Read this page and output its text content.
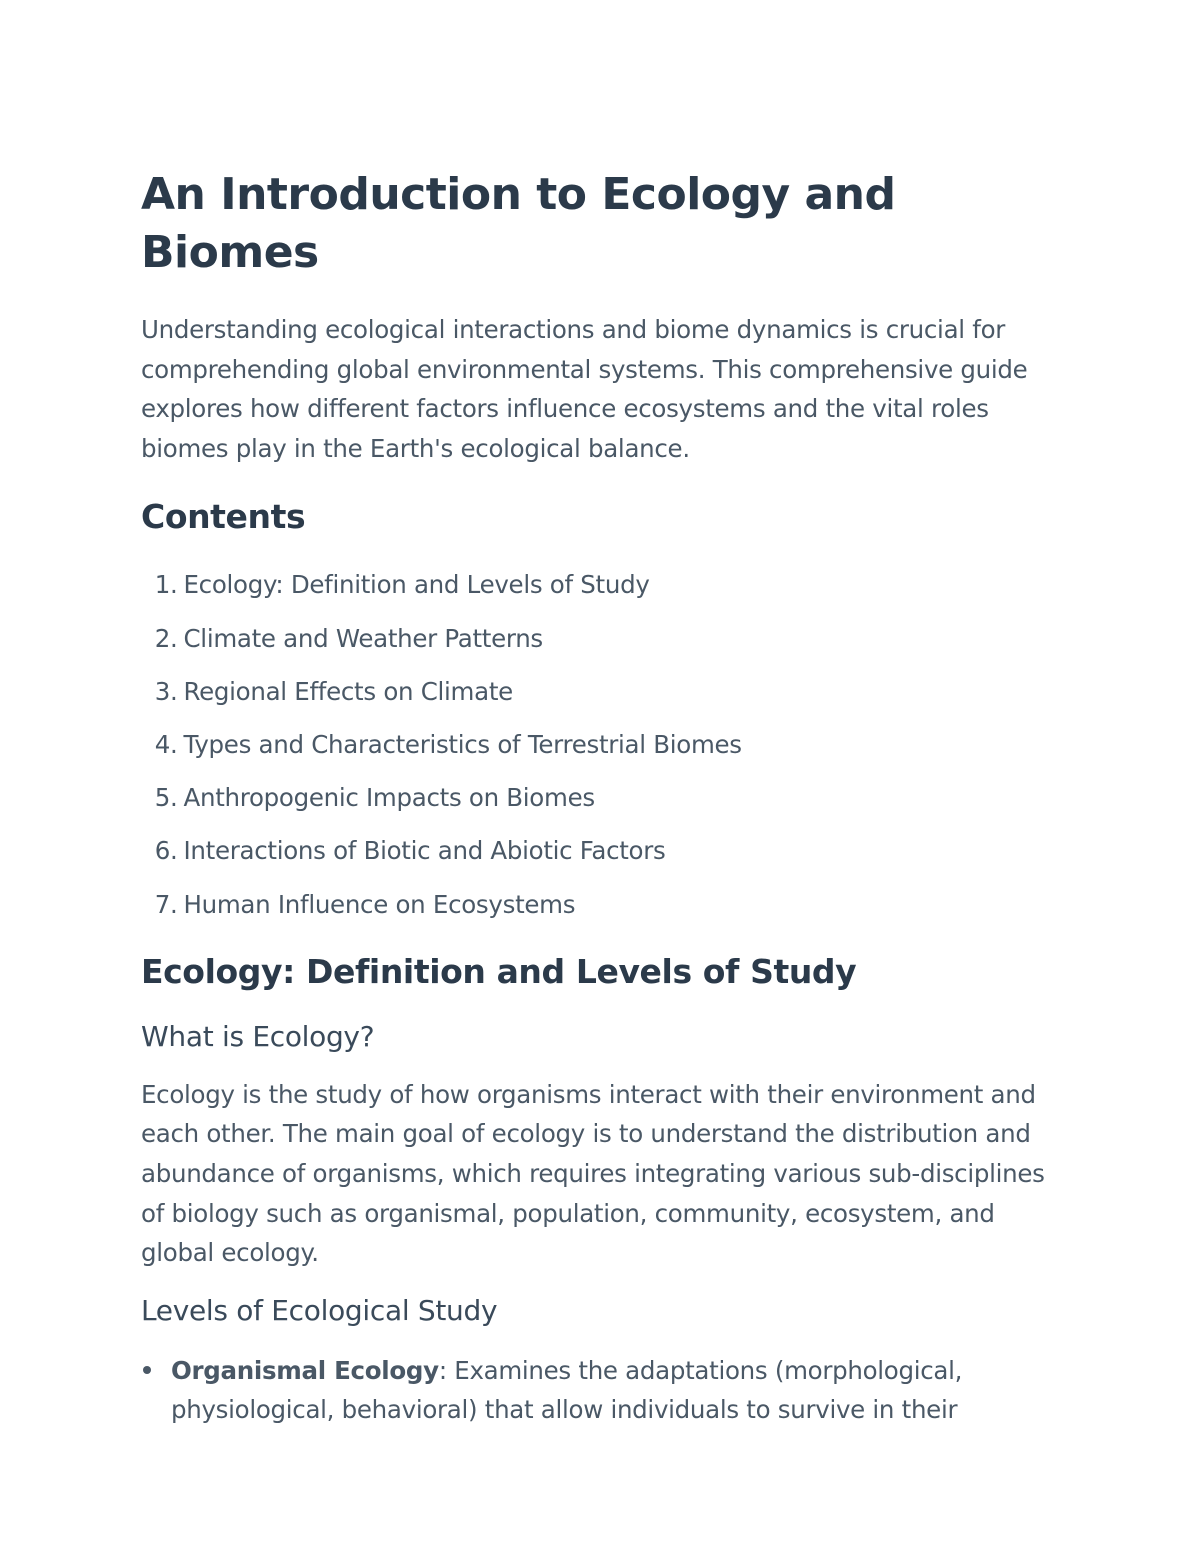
An Introduction to Ecology and Biomes

Understanding ecological interactions and biome dynamics is crucial for comprehending global environmental systems. This comprehensive guide explores how different factors influence ecosystems and the vital roles biomes play in the Earth's ecological balance.

Contents
1. Ecology: Definition and Levels of Study
2. Climate and Weather Patterns
3. Regional Effects on Climate
4. Types and Characteristics of Terrestrial Biomes
5. Anthropogenic Impacts on Biomes
6. Interactions of Biotic and Abiotic Factors
7. Human Influence on Ecosystems
Ecology: Definition and Levels of Study
What is Ecology?

Ecology is the study of how organisms interact with their environment and each other. The main goal of ecology is to understand the distribution and abundance of organisms, which requires integrating various sub-disciplines of biology such as organismal, population, community, ecosystem, and global ecology.

Levels of Ecological Study
Organismal Ecology: Examines the adaptations (morphological, physiological, behavioral) that allow individuals to survive in their
